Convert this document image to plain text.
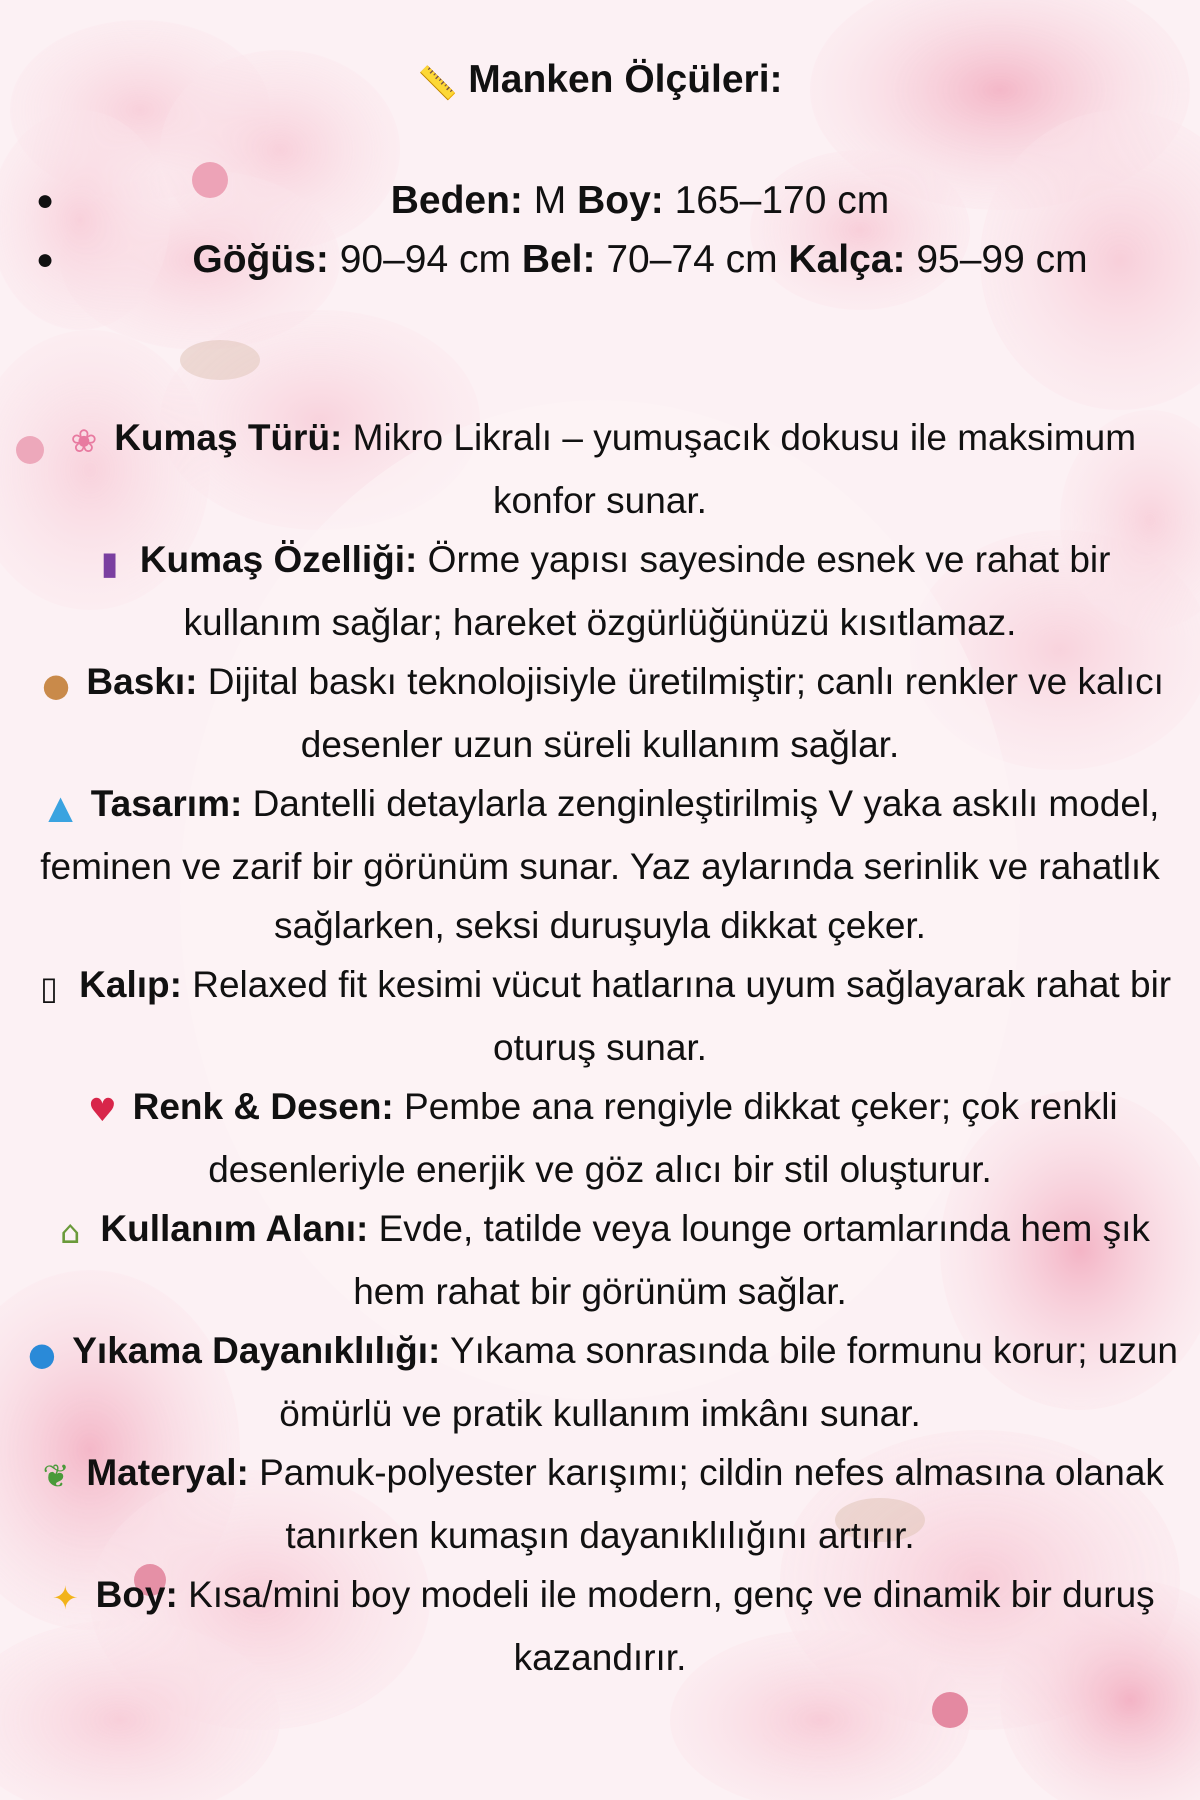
📏 Manken Ölçüleri:
●	Beden: M Boy: 165–170 cm
●	Göğüs: 90–94 cm Bel: 70–74 cm Kalça: 95–99 cm

❀ Kumaş Türü: Mikro Likralı – yumuşacık dokusu ile maksimum konfor sunar.

▮ Kumaş Özelliği: Örme yapısı sayesinde esnek ve rahat bir kullanım sağlar; hareket özgürlüğünüzü kısıtlamaz.

● Baskı: Dijital baskı teknolojisiyle üretilmiştir; canlı renkler ve kalıcı desenler uzun süreli kullanım sağlar.

▲ Tasarım: Dantelli detaylarla zenginleştirilmiş V yaka askılı model, feminen ve zarif bir görünüm sunar. Yaz aylarında serinlik ve rahatlık sağlarken, seksi duruşuyla dikkat çeker.

▯ Kalıp: Relaxed fit kesimi vücut hatlarına uyum sağlayarak rahat bir oturuş sunar.

♥ Renk & Desen: Pembe ana rengiyle dikkat çeker; çok renkli desenleriyle enerjik ve göz alıcı bir stil oluşturur.

⌂ Kullanım Alanı: Evde, tatilde veya lounge ortamlarında hem şık hem rahat bir görünüm sağlar.

● Yıkama Dayanıklılığı: Yıkama sonrasında bile formunu korur; uzun ömürlü ve pratik kullanım imkânı sunar.

❦ Materyal: Pamuk-polyester karışımı; cildin nefes almasına olanak tanırken kumaşın dayanıklılığını artırır.

✦ Boy: Kısa/mini boy modeli ile modern, genç ve dinamik bir duruş kazandırır.
